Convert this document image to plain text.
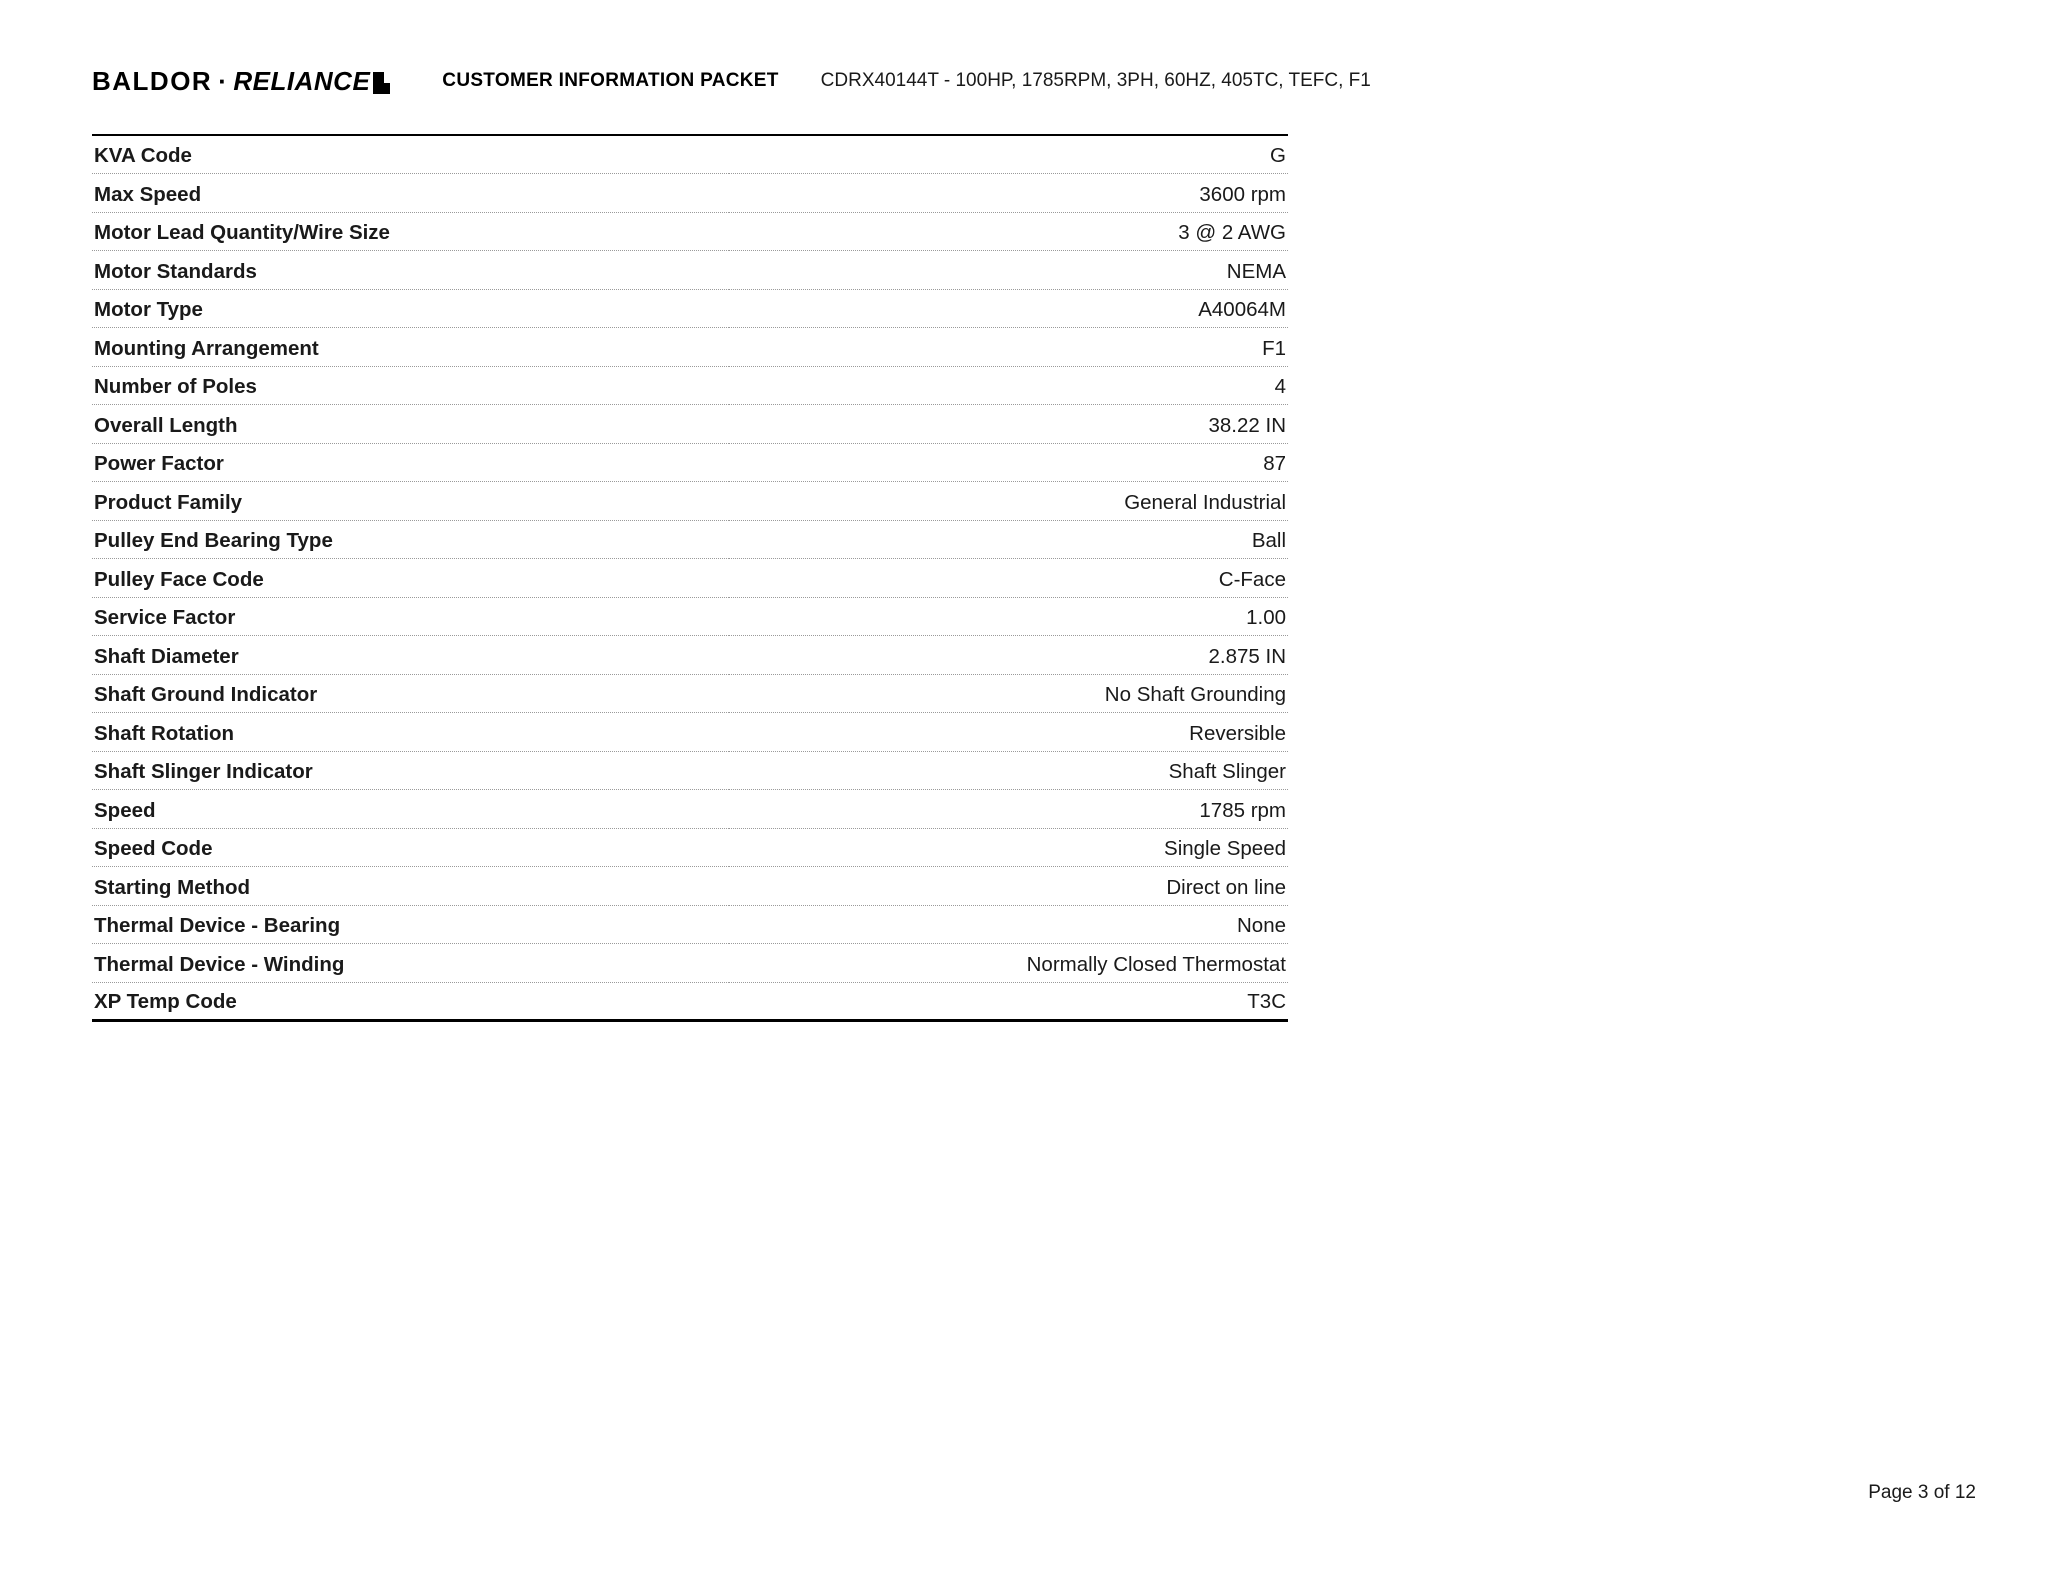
BALDOR · RELIANCE	CUSTOMER INFORMATION PACKET CDRX40144T - 100HP, 1785RPM, 3PH, 60HZ, 405TC, TEFC, F1
KVA Code	G
Max Speed	3600 rpm
Motor Lead Quantity/Wire Size	3 @ 2 AWG
Motor Standards	NEMA
Motor Type	A40064M
Mounting Arrangement	F1
Number of Poles	4
Overall Length	38.22 IN
Power Factor	87
Product Family	General Industrial
Pulley End Bearing Type	Ball
Pulley Face Code	C-Face
Service Factor	1.00
Shaft Diameter	2.875 IN
Shaft Ground Indicator	No Shaft Grounding
Shaft Rotation	Reversible
Shaft Slinger Indicator	Shaft Slinger
Speed	1785 rpm
Speed Code	Single Speed
Starting Method	Direct on line
Thermal Device - Bearing	None
Thermal Device - Winding	Normally Closed Thermostat
XP Temp Code	T3C
Page 3 of 12
